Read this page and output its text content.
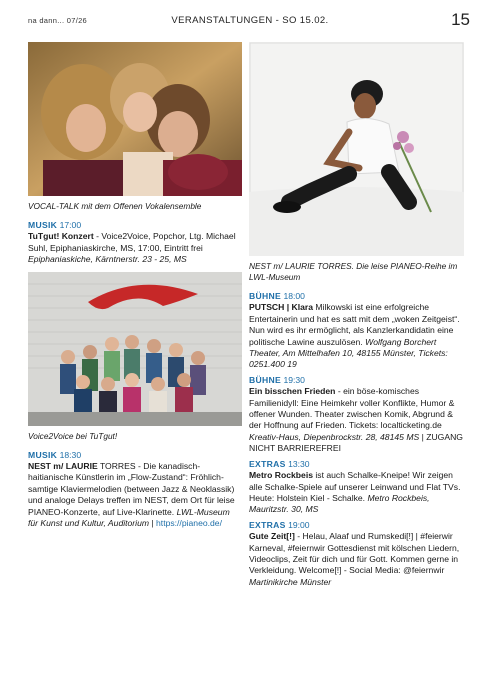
na dann... 07/26	VERANSTALTUNGEN - SO 15.02.	15
VOCAL-TALK mit dem Offenen Vokalensemble

MUSIK 17:00

TuTgut! Konzert - Voice2Voice, Popchor, Ltg. Michael Suhl, Epiphaniaskirche, MS, 17:00, Eintritt frei Epiphaniaskiche, Kärntnerstr. 23 - 25, MS

Voice2Voice bei TuTgut!

MUSIK 18:30

NEST m/ LAURIE TORRES - Die kanadisch-haitianische Künstlerin im „Flow-Zustand“: Fröhlich-samtige Klaviermelodien (between Jazz & Neoklassik) und analoge Delays treffen im NEST, dem Ort für leise PIANEO-Konzerte, auf Live-Klarinette. LWL-Museum für Kunst und Kultur, Auditorium | https://pianeo.de/

NEST m/ LAURIE TORRES. Die leise PIANEO-Reihe im LWL-Museum

BÜHNE 18:00

PUTSCH | Klara Milkowski ist eine erfolgreiche Entertainerin und hat es satt mit dem „woken Zeitgeist“. Nun wird es ihr ermöglicht, als Kanzlerkandidatin eine politische Lawine auszulösen. Wolfgang Borchert Theater, Am Mittelhafen 10, 48155 Münster, Tickets: 0251.400 19

BÜHNE 19:30

Ein bisschen Frieden - ein böse-komisches Familienidyll: Eine Heimkehr voller Konflikte, Humor & offener Wunden. Theater zwischen Komik, Abgrund & der Hoffnung auf Frieden. Tickets: localticketing.de Kreativ-Haus, Diepenbrockstr. 28, 48145 MS | ZUGANG NICHT BARRIEREFREI

EXTRAS 13:30

Metro Rockbeis ist auch Schalke-Kneipe! Wir zeigen alle Schalke-Spiele auf unserer Leinwand und Flat TVs. Heute: Holstein Kiel - Schalke. Metro Rockbeis, Mauritzstr. 30, MS

EXTRAS 19:00

Gute Zeit[!] - Helau, Alaaf und Rumskedi[!] | #feierwir Karneval, #feiernwir Gottesdienst mit kölschen Liedern, Videoclips, Zeit für dich und für Gott. Kommen gerne in Verkleidung. Welcome[!] - Social Media: @feiernwir Martinikirche Münster
